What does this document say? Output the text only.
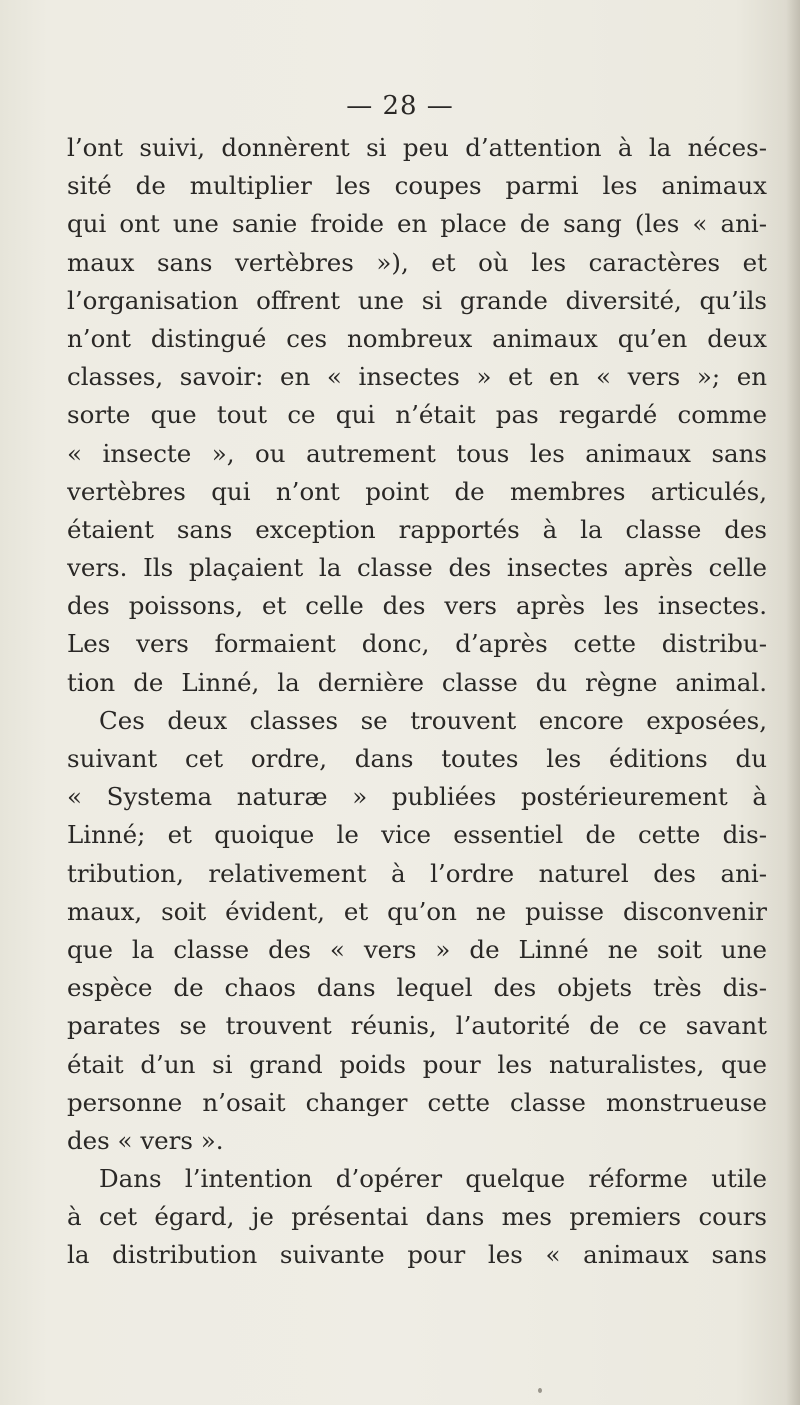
— 28 —
l’ont suivi, donnèrent si peu d’attention à la néces-
sité de multiplier les coupes parmi les animaux
qui ont une sanie froide en place de sang (les « ani-
maux sans vertèbres »), et où les caractères et
l’organisation offrent une si grande diversité, qu’ils
n’ont distingué ces nombreux animaux qu’en deux
classes, savoir: en « insectes » et en « vers »; en
sorte que tout ce qui n’était pas regardé comme
« insecte », ou autrement tous les animaux sans
vertèbres qui n’ont point de membres articulés,
étaient sans exception rapportés à la classe des
vers. Ils plaçaient la classe des insectes après celle
des poissons, et celle des vers après les insectes.
Les vers formaient donc, d’après cette distribu-
tion de Linné, la dernière classe du règne animal.
Ces deux classes se trouvent encore exposées,
suivant cet ordre, dans toutes les éditions du
« Systema naturæ » publiées postérieurement à
Linné; et quoique le vice essentiel de cette dis-
tribution, relativement à l’ordre naturel des ani-
maux, soit évident, et qu’on ne puisse disconvenir
que la classe des « vers » de Linné ne soit une
espèce de chaos dans lequel des objets très dis-
parates se trouvent réunis, l’autorité de ce savant
était d’un si grand poids pour les naturalistes, que
personne n’osait changer cette classe monstrueuse
des « vers ».
Dans l’intention d’opérer quelque réforme utile
à cet égard, je présentai dans mes premiers cours
la distribution suivante pour les « animaux sans
